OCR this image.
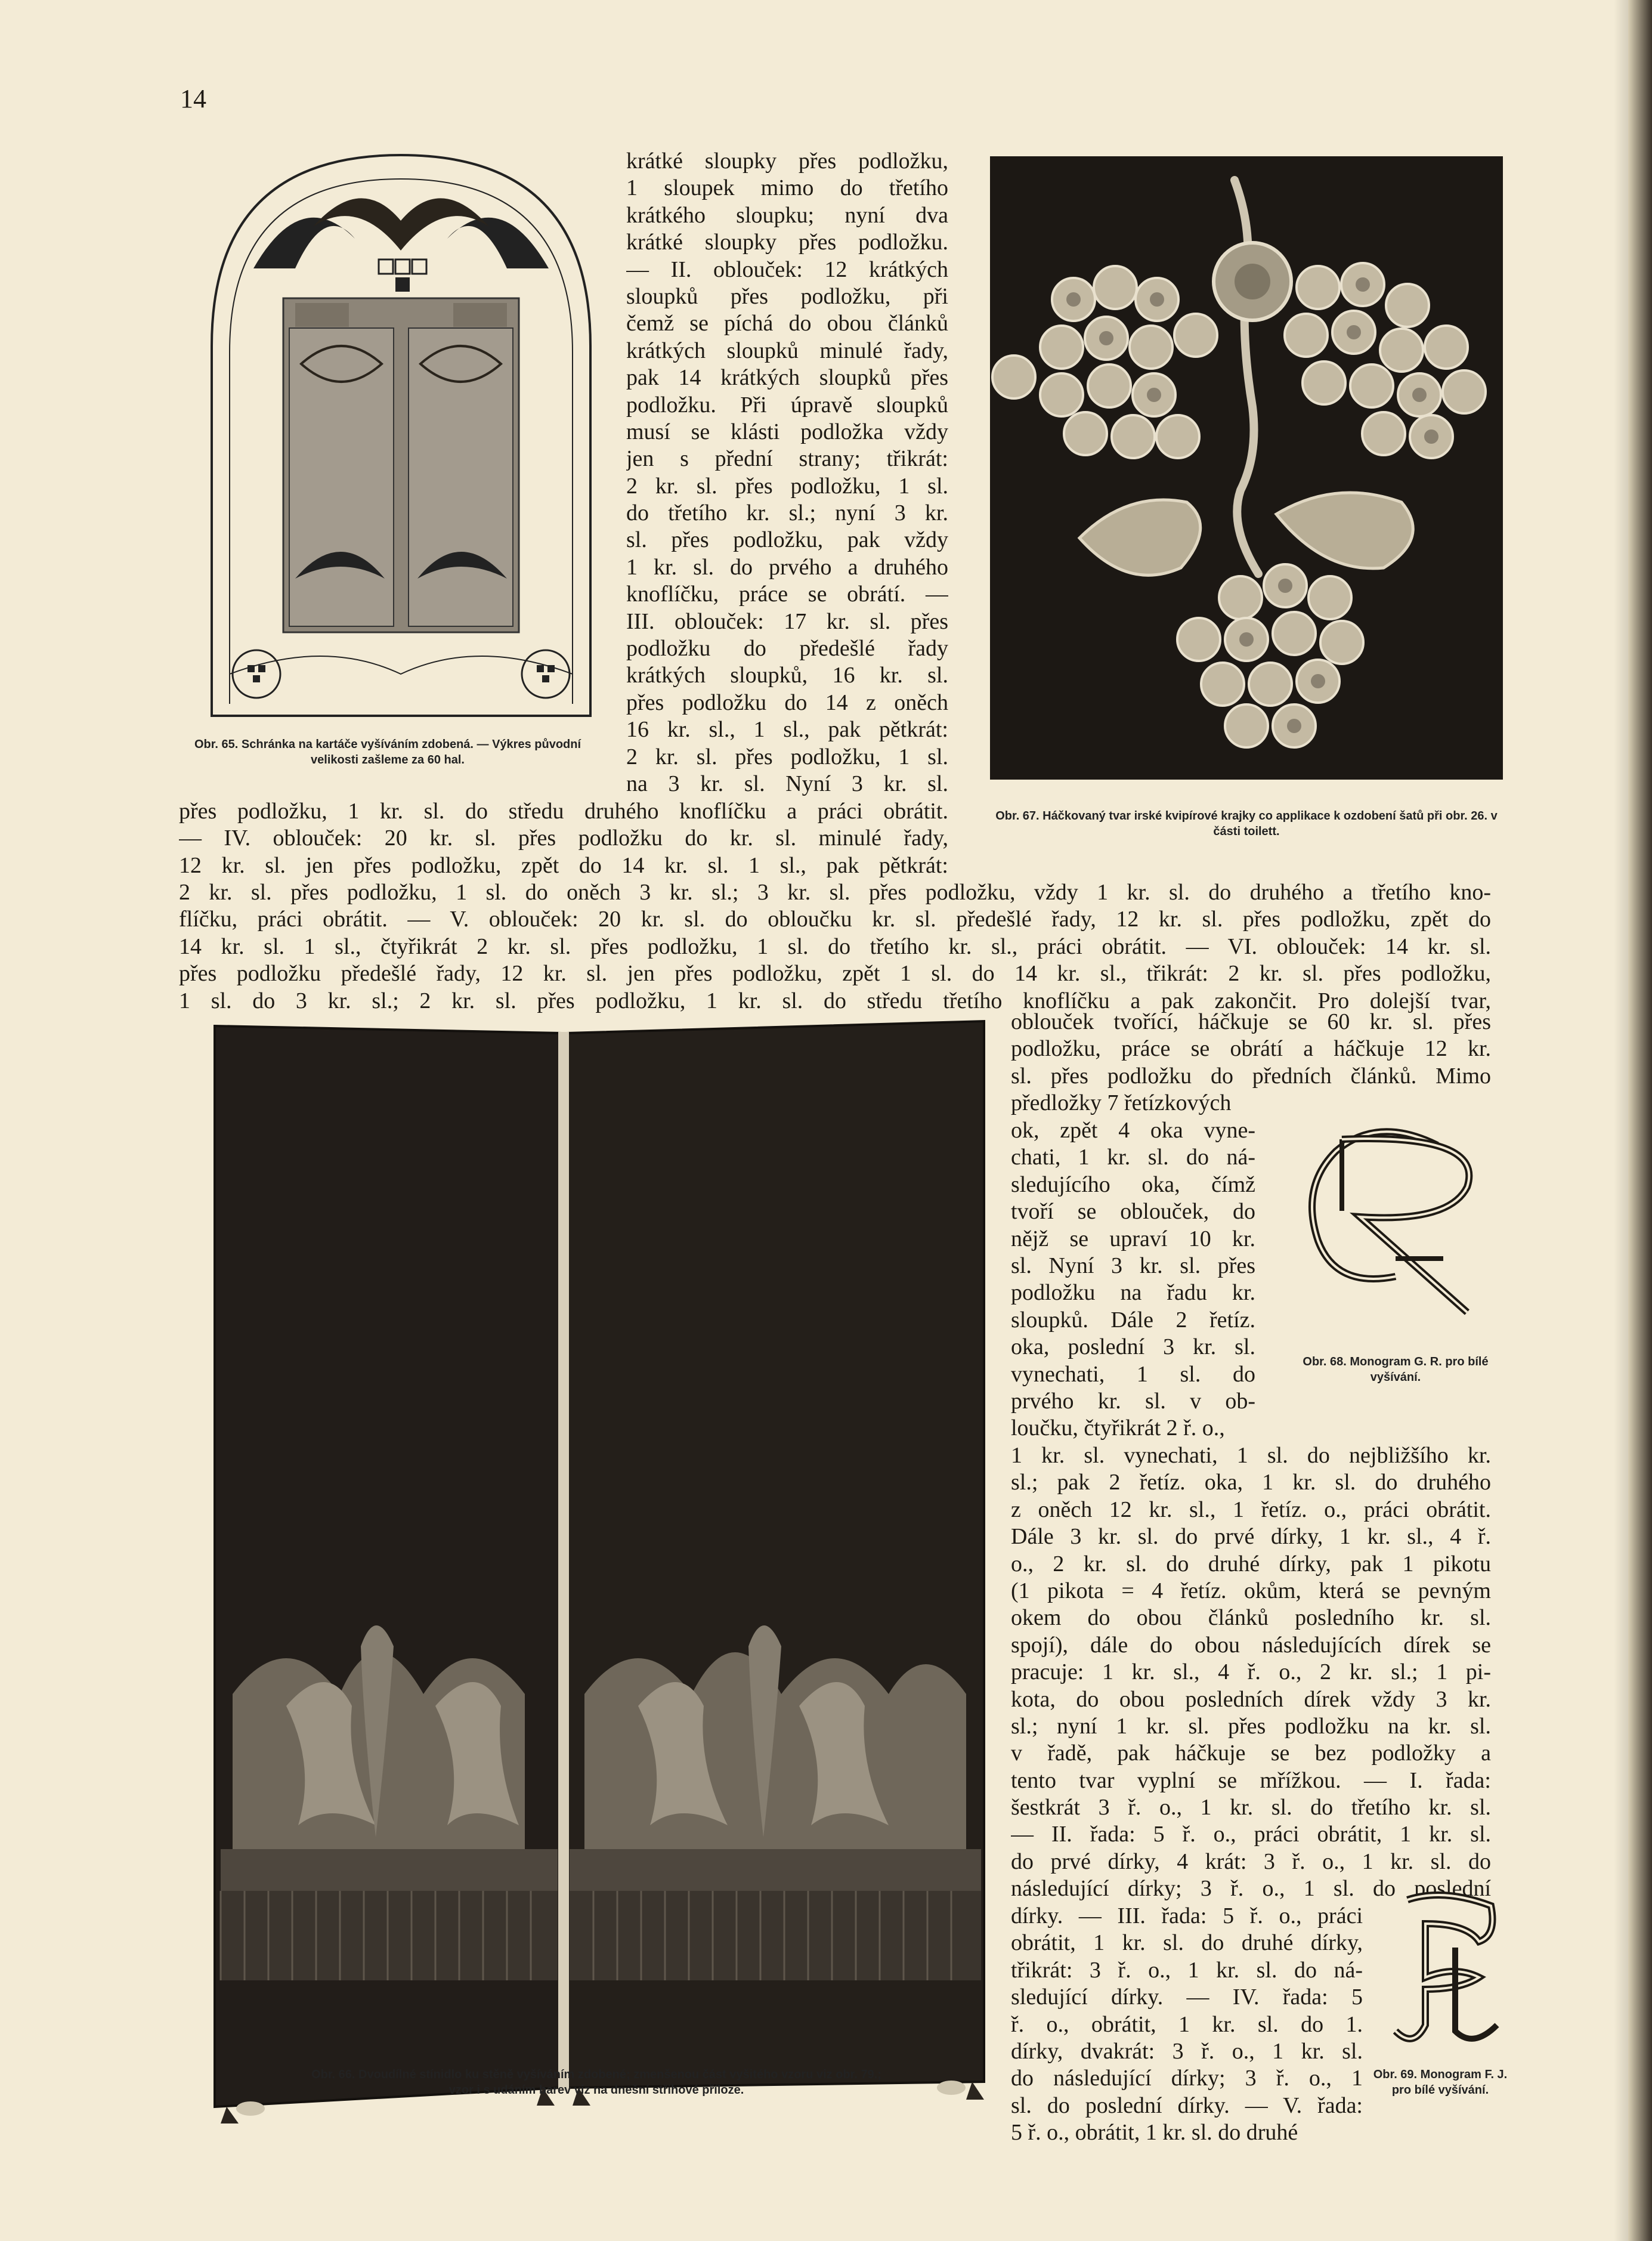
14
Obr. 65. Schránka na kartáče vyšíváním zdobená. — Výkres původní velikosti zašleme za 60 hal.
Obr. 67. Háčkovaný tvar irské kvipírové krajky co applikace k ozdobení šatů při obr. 26. v části toilett.
krátké sloupky přes podložku,
1 sloupek mimo do třetího
krátkého sloupku; nyní dva
krátké sloupky přes podložku.
— II. oblouček: 12 krátkých
sloupků přes podložku, při
čemž se píchá do obou článků
krátkých sloupků minulé řady,
pak 14 krátkých sloupků přes
podložku. Při úpravě sloupků
musí se klásti podložka vždy
jen s přední strany; třikrát:
2 kr. sl. přes podložku, 1 sl.
do třetího kr. sl.; nyní 3 kr.
sl. přes podložku, pak vždy
1 kr. sl. do prvého a druhého
knoflíčku, práce se obrátí. —
III. oblouček: 17 kr. sl. přes
podložku do předešlé řady
krátkých sloupků, 16 kr. sl.
přes podložku do 14 z oněch
16 kr. sl., 1 sl., pak pětkrát:
2 kr. sl. přes podložku, 1 sl.
na 3 kr. sl. Nyní 3 kr. sl.
přes podložku, 1 kr. sl. do středu druhého knoflíčku a práci obrátit.
— IV. oblouček: 20 kr. sl. přes podložku do kr. sl. minulé řady,
12 kr. sl. jen přes podložku, zpět do 14 kr. sl. 1 sl., pak pětkrát:
2 kr. sl. přes podložku, 1 sl. do oněch 3 kr. sl.; 3 kr. sl. přes podložku, vždy 1 kr. sl. do druhého a třetího kno-
flíčku, práci obrátit. — V. oblouček: 20 kr. sl. do obloučku kr. sl. předešlé řady, 12 kr. sl. přes podložku, zpět do
14 kr. sl. 1 sl., čtyřikrát 2 kr. sl. přes podložku, 1 sl. do třetího kr. sl., práci obrátit. — VI. oblouček: 14 kr. sl.
přes podložku předešlé řady, 12 kr. sl. jen přes podložku, zpět 1 sl. do 14 kr. sl., třikrát: 2 kr. sl. přes podložku,
1 sl. do 3 kr. sl.; 2 kr. sl. přes podložku, 1 kr. sl. do středu třetího knoflíčku a pak zakončit. Pro dolejší tvar,
Obr. 66. Dvoudílné stínidlo ku stěně vyšíváním zdobené; zmenšenou část vyšitého vzoru viz obr. 79.; vzor i s udáním barev viz na dnešní střihové příloze.
oblouček tvořící, háčkuje se 60 kr. sl. přes
podložku, práce se obrátí a háčkuje 12 kr.
sl. přes podložku do předních článků. Mimo
předložky 7 řetízkových
ok, zpět 4 oka vyne-
chati, 1 kr. sl. do ná-
sledujícího oka, čímž
tvoří se oblouček, do
nějž se upraví 10 kr.
sl. Nyní 3 kr. sl. přes
podložku na řadu kr.
sloupků. Dále 2 řetíz.
oka, poslední 3 kr. sl.
vynechati, 1 sl. do
prvého kr. sl. v ob-
loučku, čtyřikrát 2 ř. o.,
Obr. 68. Monogram G. R. pro bílé vyšívání.
1 kr. sl. vynechati, 1 sl. do nejbližšího kr.
sl.; pak 2 řetíz. oka, 1 kr. sl. do druhého
z oněch 12 kr. sl., 1 řetíz. o., práci obrátit.
Dále 3 kr. sl. do prvé dírky, 1 kr. sl., 4 ř.
o., 2 kr. sl. do druhé dírky, pak 1 pikotu
(1 pikota = 4 řetíz. okům, která se pevným
okem do obou článků posledního kr. sl.
spojí), dále do obou následujících dírek se
pracuje: 1 kr. sl., 4 ř. o., 2 kr. sl.; 1 pi-
kota, do obou posledních dírek vždy 3 kr.
sl.; nyní 1 kr. sl. přes podložku na kr. sl.
v řadě, pak háčkuje se bez podložky a
tento tvar vyplní se mřížkou. — I. řada:
šestkrát 3 ř. o., 1 kr. sl. do třetího kr. sl.
— II. řada: 5 ř. o., práci obrátit, 1 kr. sl.
do prvé dírky, 4 krát: 3 ř. o., 1 kr. sl. do
následující dírky; 3 ř. o., 1 sl. do poslední
dírky. — III. řada: 5 ř. o., práci
obrátit, 1 kr. sl. do druhé dírky,
třikrát: 3 ř. o., 1 kr. sl. do ná-
sledující dírky. — IV. řada: 5
ř. o., obrátit, 1 kr. sl. do 1.
dírky, dvakrát: 3 ř. o., 1 kr. sl.
do následující dírky; 3 ř. o., 1
sl. do poslední dírky. — V. řada:
5 ř. o., obrátit, 1 kr. sl. do druhé
Obr. 69. Monogram F. J. pro bílé vyšívání.
